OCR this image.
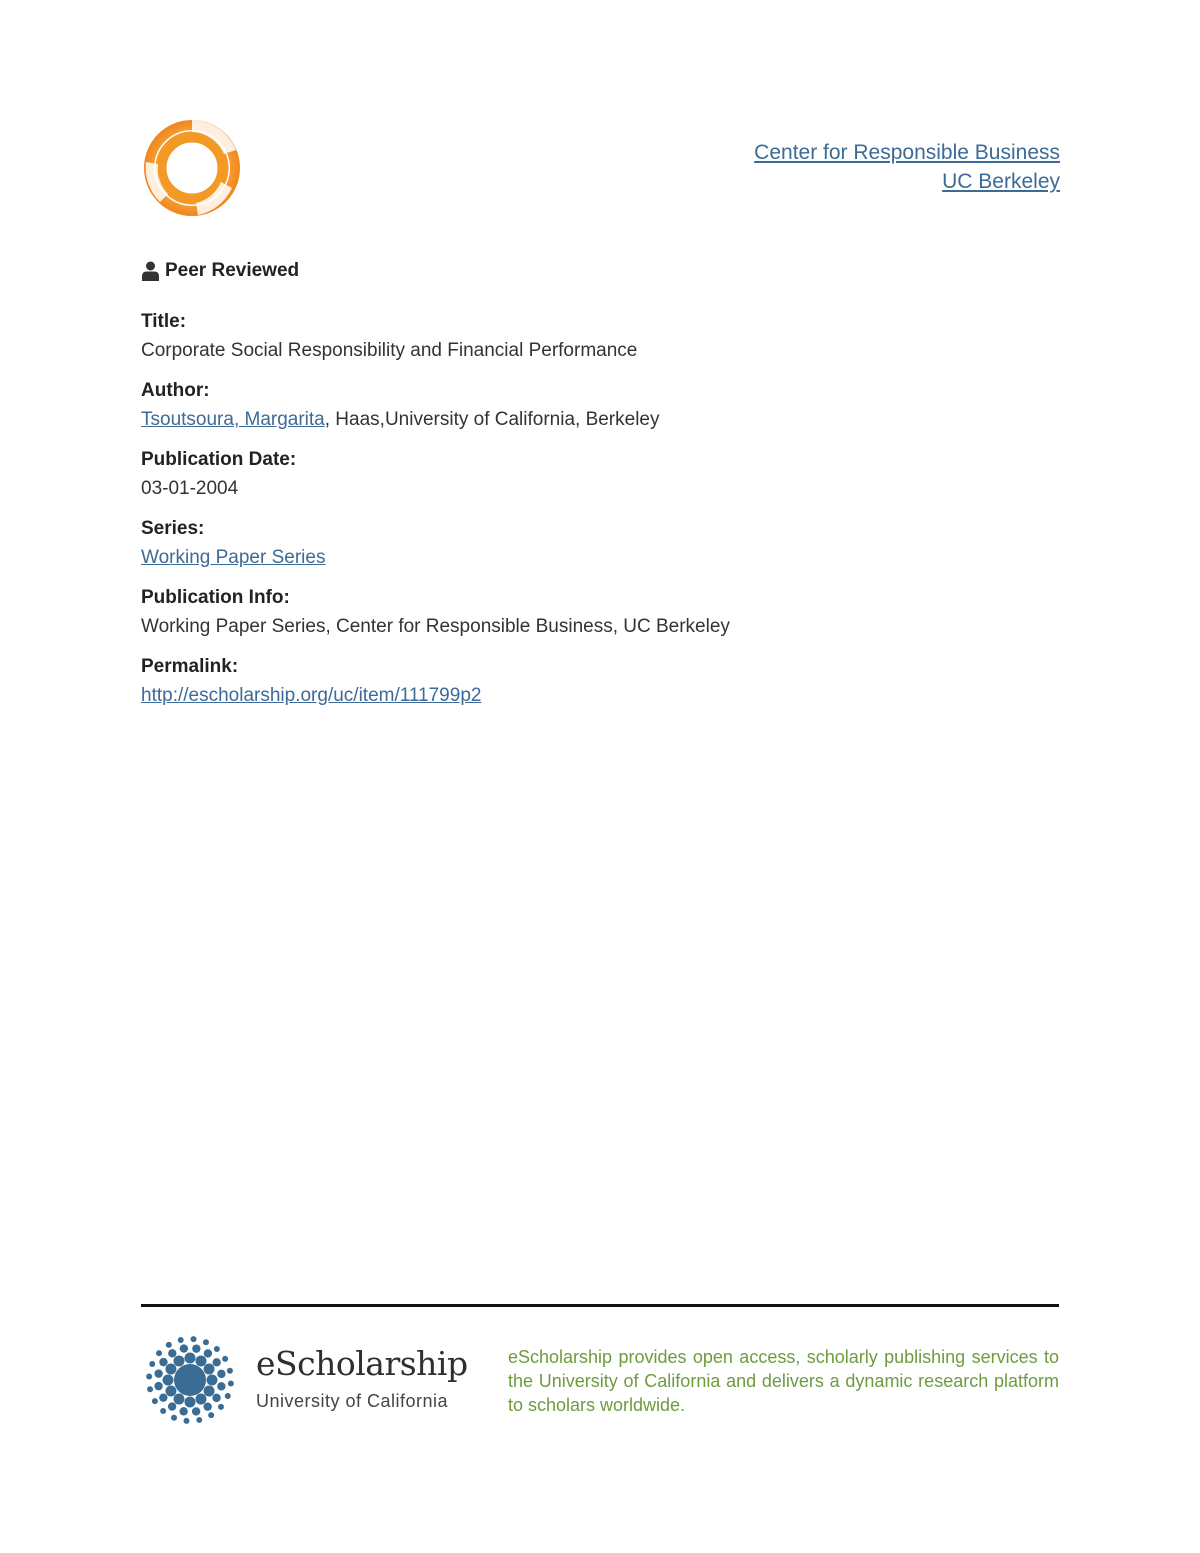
Center for Responsible Business
UC Berkeley
Peer Reviewed
Title:
Corporate Social Responsibility and Financial Performance
Author:
Tsoutsoura, Margarita, Haas,University of California, Berkeley
Publication Date:
03-01-2004
Series:
Working Paper Series
Publication Info:
Working Paper Series, Center for Responsible Business, UC Berkeley
Permalink:
http://escholarship.org/uc/item/111799p2
eScholarship
University of California
eScholarship provides open access, scholarly publishing services to the University of California and delivers a dynamic research platform to scholars worldwide.
